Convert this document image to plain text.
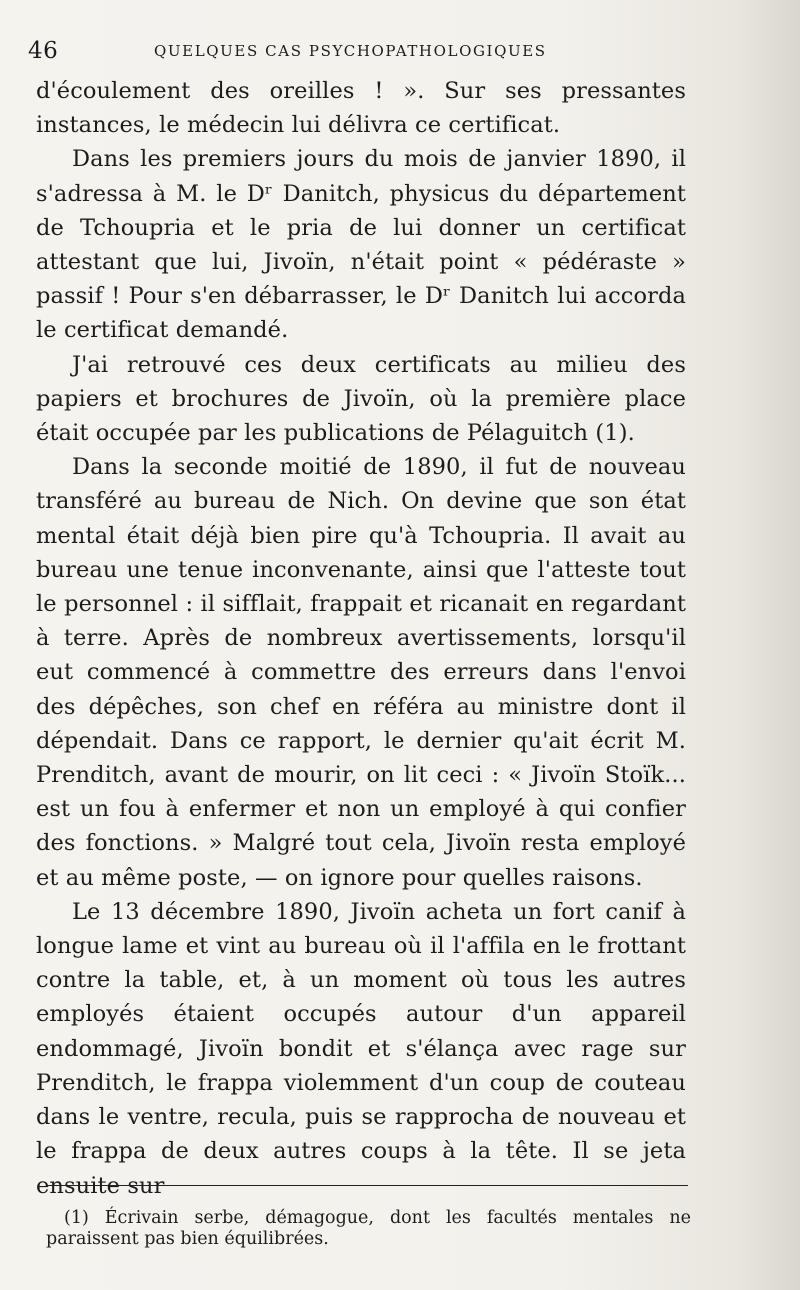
46	QUELQUES CAS PSYCHOPATHOLOGIQUES

d'écoulement des oreilles ! ». Sur ses pressantes instances, le médecin lui délivra ce certificat.

Dans les premiers jours du mois de janvier 1890, il s'adressa à M. le Dʳ Danitch, physicus du département de Tchoupria et le pria de lui donner un certificat attestant que lui, Jivoïn, n'était point « pédéraste » passif ! Pour s'en débarrasser, le Dʳ Danitch lui accorda le certificat demandé.

J'ai retrouvé ces deux certificats au milieu des papiers et brochures de Jivoïn, où la première place était occupée par les publications de Pélaguitch (1).

Dans la seconde moitié de 1890, il fut de nouveau transféré au bureau de Nich. On devine que son état mental était déjà bien pire qu'à Tchoupria. Il avait au bureau une tenue inconvenante, ainsi que l'atteste tout le personnel : il sifflait, frappait et ricanait en regardant à terre. Après de nombreux avertissements, lorsqu'il eut commencé à commettre des erreurs dans l'envoi des dépêches, son chef en référa au ministre dont il dépendait. Dans ce rapport, le dernier qu'ait écrit M. Prenditch, avant de mourir, on lit ceci : « Jivoïn Stoïk... est un fou à enfermer et non un employé à qui confier des fonctions. » Malgré tout cela, Jivoïn resta employé et au même poste, — on ignore pour quelles raisons.

Le 13 décembre 1890, Jivoïn acheta un fort canif à longue lame et vint au bureau où il l'affila en le frottant contre la table, et, à un moment où tous les autres employés étaient occupés autour d'un appareil endommagé, Jivoïn bondit et s'élança avec rage sur Prenditch, le frappa violemment d'un coup de couteau dans le ventre, recula, puis se rapprocha de nouveau et le frappa de deux autres coups à la tête. Il se jeta ensuite sur

(1) Écrivain serbe, démagogue, dont les facultés mentales ne paraissent pas bien équilibrées.
